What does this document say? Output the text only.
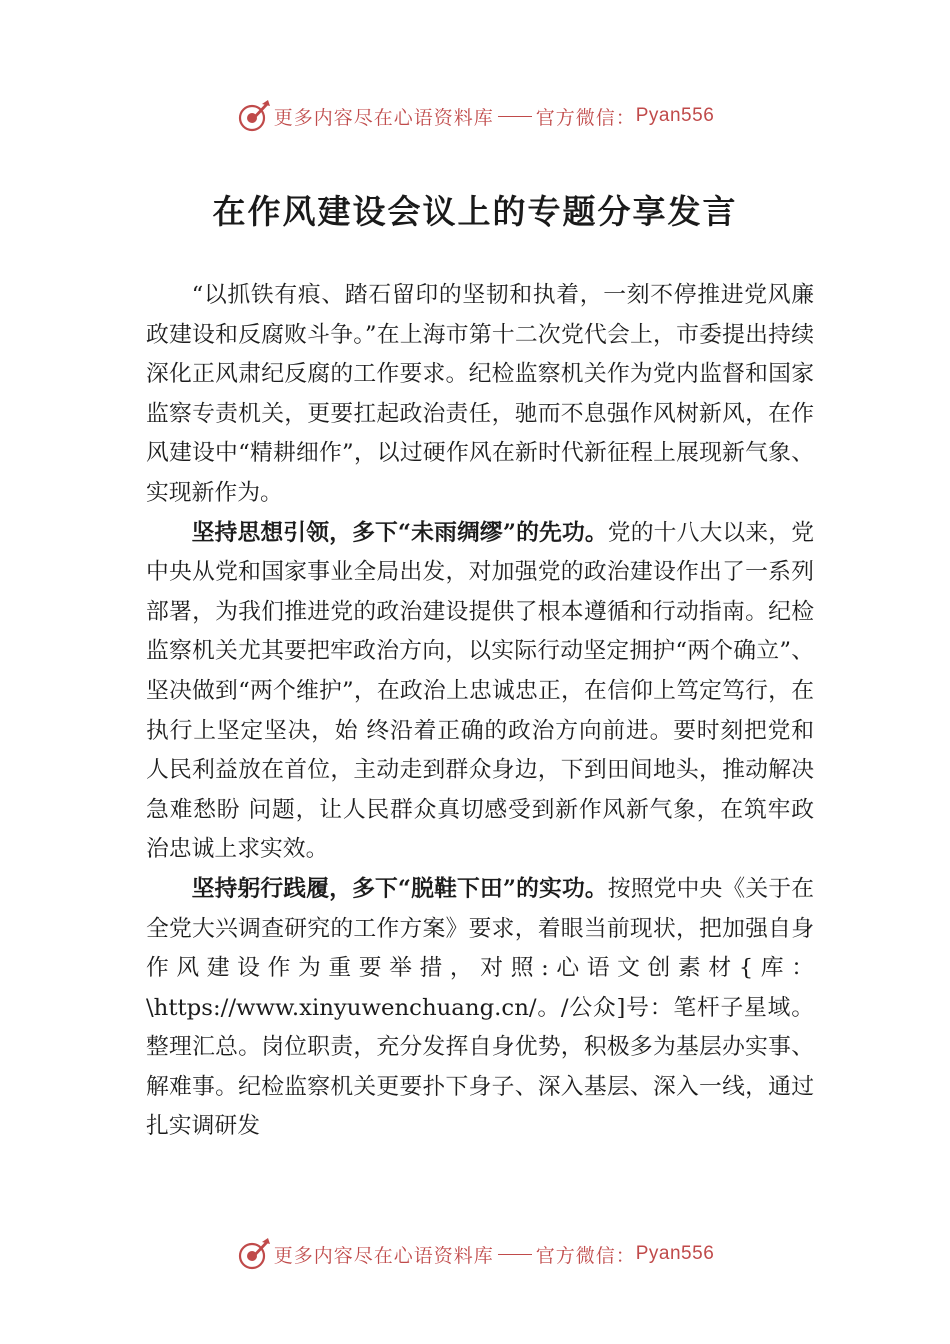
更多内容尽在心语资料库 官方微信： Pyan556
在作风建设会议上的专题分享发言

“以抓铁有痕、踏石留印的坚韧和执着，一刻不停推进党风廉政建设和反腐败斗争。”在上海市第十二次党代会上，市委提出持续深化正风肃纪反腐的工作要求。纪检监察机关作为党内监督和国家监察专责机关，更要扛起政治责任，驰而不息强作风树新风，在作风建设中“精耕细作”，以过硬作风在新时代新征程上展现新气象、实现新作为。

坚持思想引领，多下“未雨绸缪”的先功。党的十八大以来，党中央从党和国家事业全局出发，对加强党的政治建设作出了一系列部署，为我们推进党的政治建设提供了根本遵循和行动指南。纪检监察机关尤其要把牢政治方向，以实际行动坚定拥护“两个确立”、坚决做到“两个维护”，在政治上忠诚忠正，在信仰上笃定笃行，在执行上坚定坚决，始 终沿着正确的政治方向前进。要时刻把党和人民利益放在首位，主动走到群众身边，下到田间地头，推动解决急难愁盼 问题，让人民群众真切感受到新作风新气象，在筑牢政治忠诚上求实效。

坚持躬行践履，多下“脱鞋下田”的实功。按照党中央《关于在全党大兴调查研究的工作方案》要求，着眼当前现状，把加强自身作风建设作为重要举措，对照:心语文创素材{库：\https://www.xinyuwenchuang.cn/。/公众]号：笔杆子星域。整理汇总。岗位职责，充分发挥自身优势，积极多为基层办实事、解难事。纪检监察机关更要扑下身子、深入基层、深入一线，通过扎实调研发

更多内容尽在心语资料库 官方微信： Pyan556
